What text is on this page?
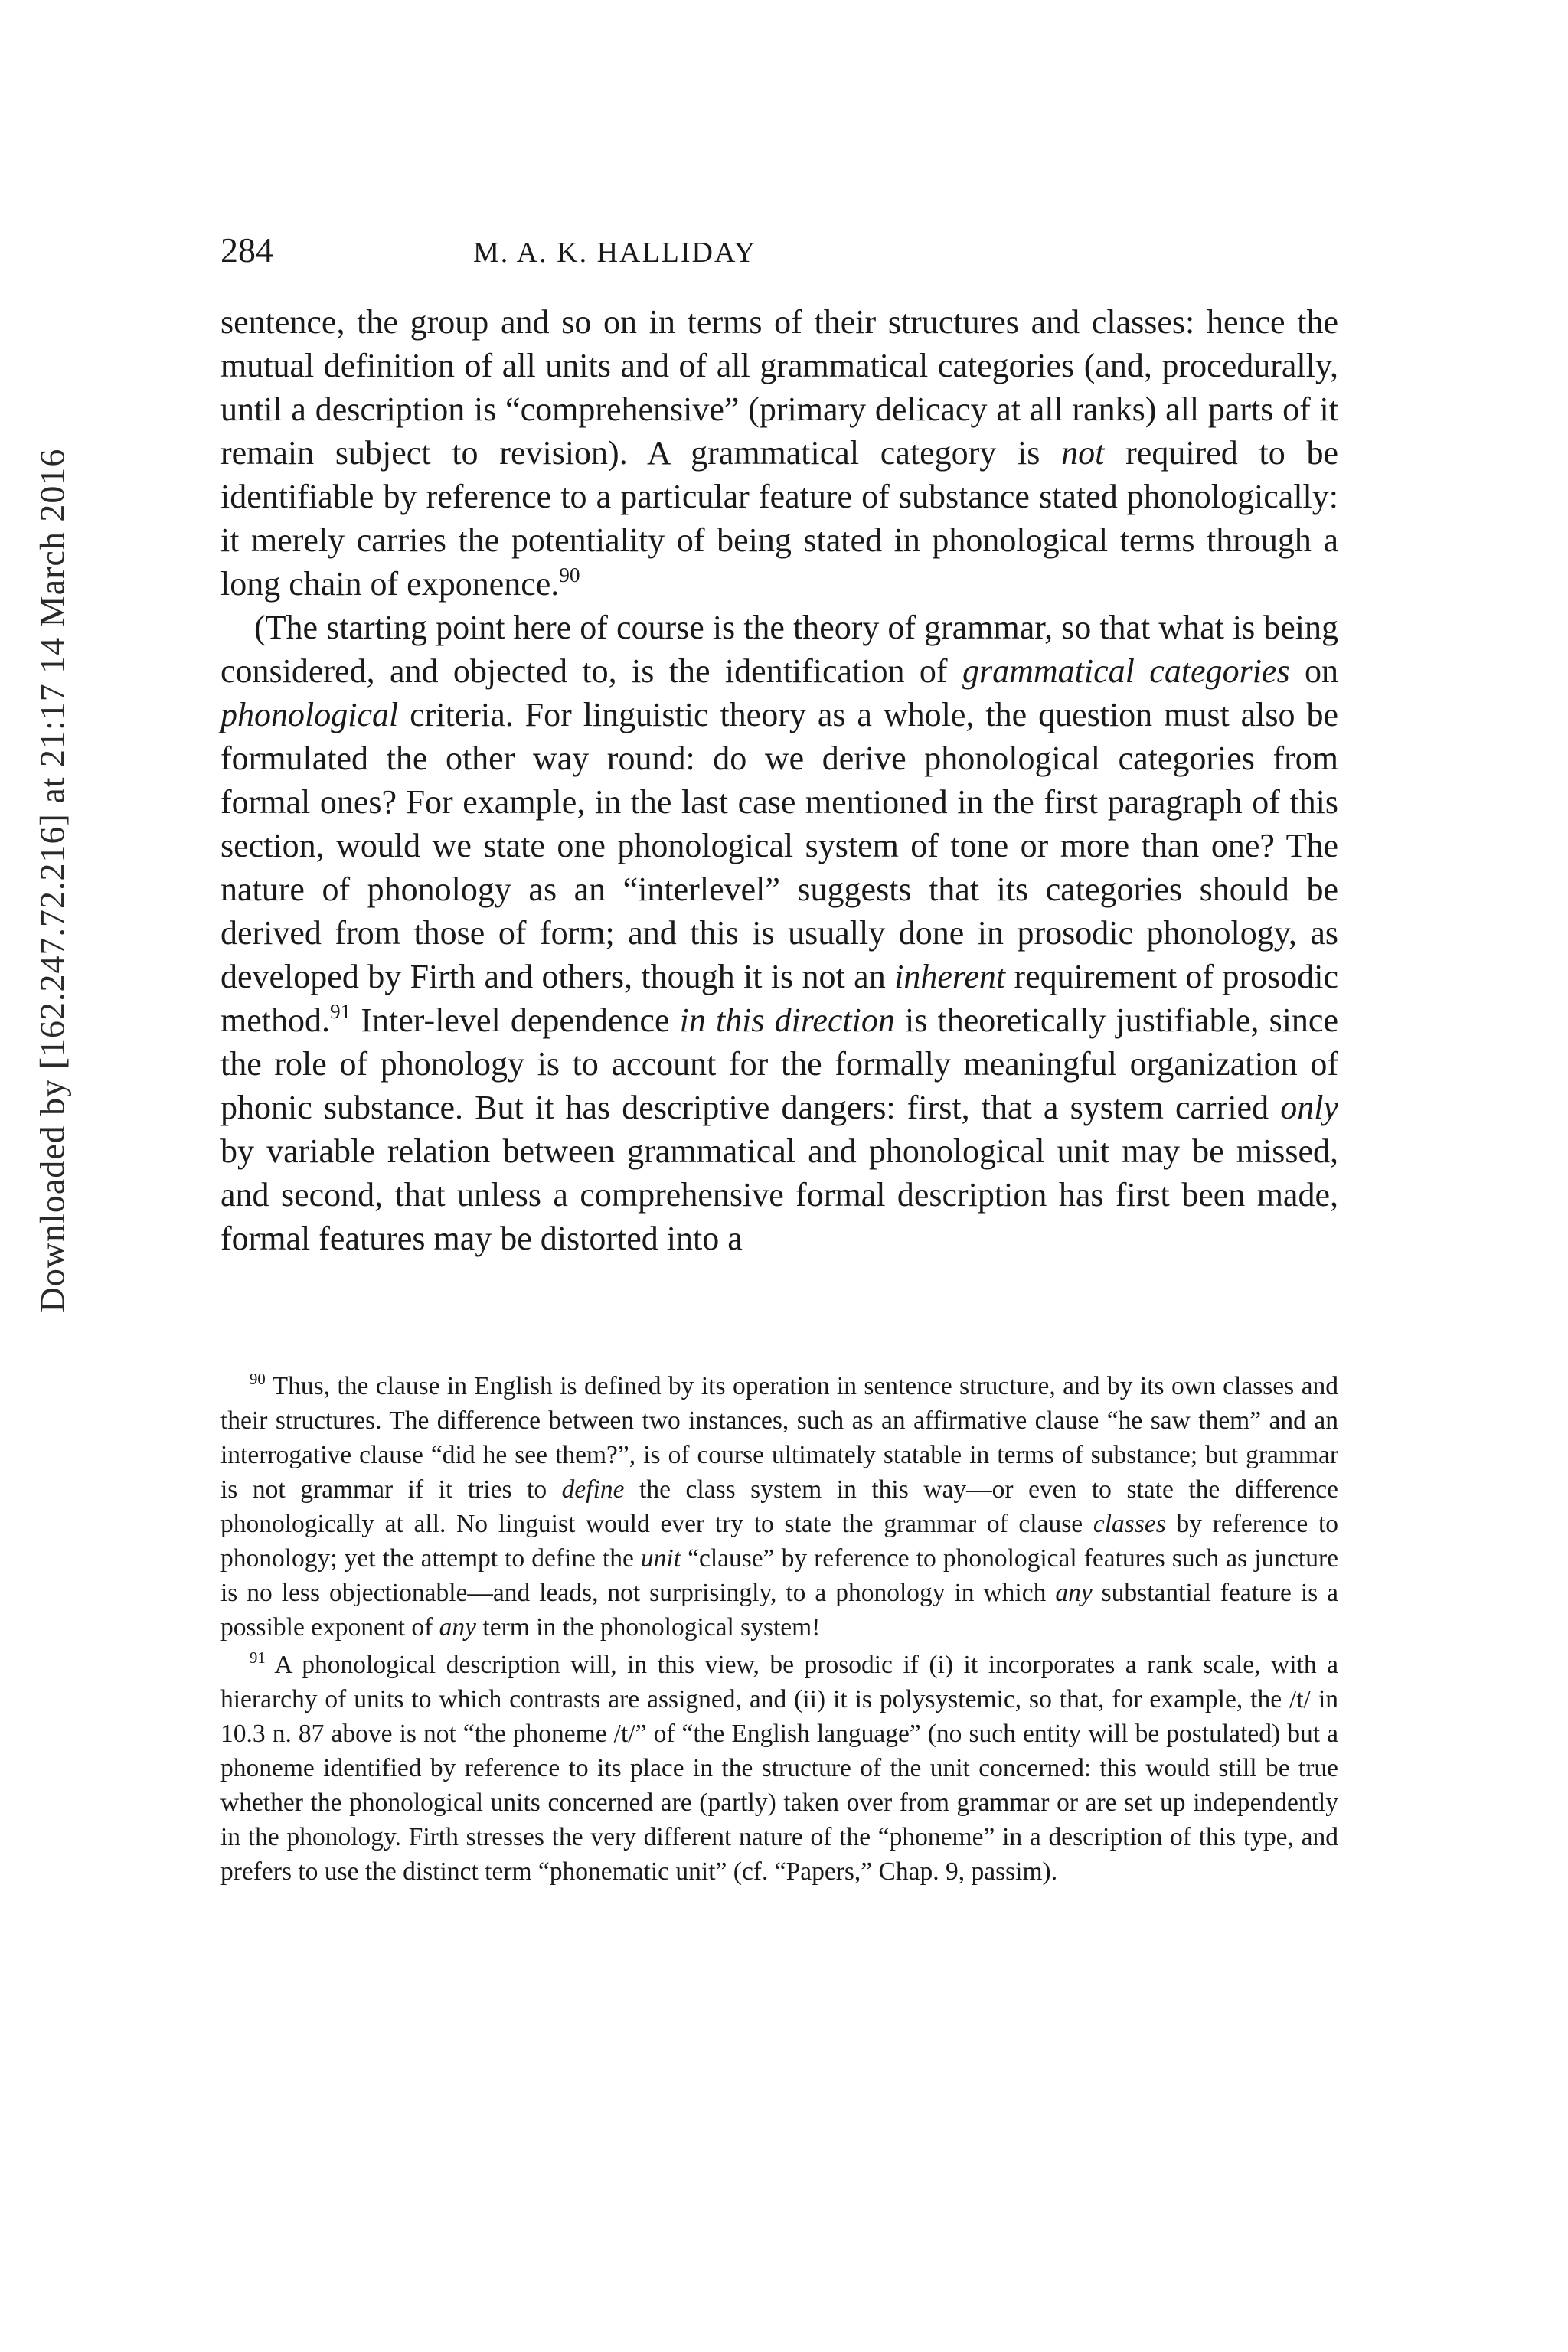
Downloaded by [162.247.72.216] at 21:17 14 March 2016
284	M. A. K. HALLIDAY

sentence, the group and so on in terms of their structures and classes: hence the mutual definition of all units and of all grammatical categories (and, procedurally, until a description is “comprehensive” (primary delicacy at all ranks) all parts of it remain subject to revision). A grammatical category is not required to be identifiable by reference to a particular feature of substance stated phonologically: it merely carries the potentiality of being stated in phonological terms through a long chain of exponence.$^{90}$

(The starting point here of course is the theory of grammar, so that what is being considered, and objected to, is the identification of grammatical categories on phonological criteria. For linguistic theory as a whole, the question must also be formulated the other way round: do we derive phonological categories from formal ones? For example, in the last case mentioned in the first paragraph of this section, would we state one phonological system of tone or more than one? The nature of phonology as an “interlevel” suggests that its categories should be derived from those of form; and this is usually done in prosodic phonology, as developed by Firth and others, though it is not an inherent requirement of prosodic method.$^{91}$ Inter-level dependence in this direction is theoretically justifiable, since the role of phonology is to account for the formally meaningful organization of phonic substance. But it has descriptive dangers: first, that a system carried only by variable relation between grammatical and phonological unit may be missed, and second, that unless a comprehensive formal description has first been made, formal features may be distorted into a

$^{90}$ Thus, the clause in English is defined by its operation in sentence structure, and by its own classes and their structures. The difference between two instances, such as an affirmative clause “he saw them” and an interrogative clause “did he see them?”, is of course ultimately statable in terms of substance; but grammar is not grammar if it tries to define the class system in this way—or even to state the difference phonologically at all. No linguist would ever try to state the grammar of clause classes by reference to phonology; yet the attempt to define the unit “clause” by reference to phonological features such as juncture is no less objectionable—and leads, not surprisingly, to a phonology in which any substantial feature is a possible exponent of any term in the phonological system!

$^{91}$ A phonological description will, in this view, be prosodic if (i) it incorporates a rank scale, with a hierarchy of units to which contrasts are assigned, and (ii) it is polysystemic, so that, for example, the /t/ in 10.3 n. 87 above is not “the phoneme /t/” of “the English language” (no such entity will be postulated) but a phoneme identified by reference to its place in the structure of the unit concerned: this would still be true whether the phonological units concerned are (partly) taken over from grammar or are set up independently in the phonology. Firth stresses the very different nature of the “phoneme” in a description of this type, and prefers to use the distinct term “phonematic unit” (cf. “Papers,” Chap. 9, passim).
